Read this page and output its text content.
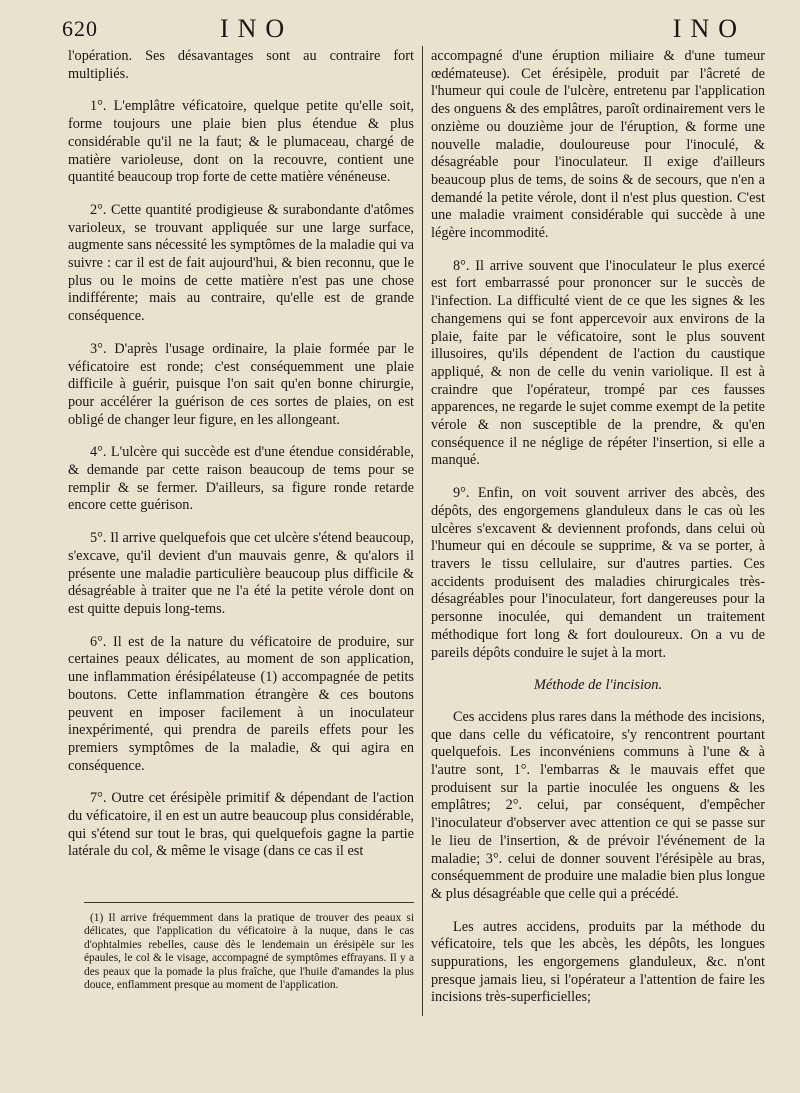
620	INO	INO

l'opération. Ses désavantages sont au contraire fort multipliés.

1°. L'emplâtre véficatoire, quelque petite qu'elle soit, forme toujours une plaie bien plus étendue & plus considérable qu'il ne la faut; & le plumaceau, chargé de matière varioleuse, dont on la recouvre, contient une quantité beaucoup trop forte de cette matière vénéneuse.

2°. Cette quantité prodigieuse & surabondante d'atômes varioleux, se trouvant appliquée sur une large surface, augmente sans nécessité les symptômes de la maladie qui va suivre : car il est de fait aujourd'hui, & bien reconnu, que le plus ou le moins de cette matière n'est pas une chose indifférente; mais au contraire, qu'elle est de grande conséquence.

3°. D'après l'usage ordinaire, la plaie formée par le véficatoire est ronde; c'est conséquemment une plaie difficile à guérir, puisque l'on sait qu'en bonne chirurgie, pour accélérer la guérison de ces sortes de plaies, on est obligé de changer leur figure, en les allongeant.

4°. L'ulcère qui succède est d'une étendue considérable, & demande par cette raison beaucoup de tems pour se remplir & se fermer. D'ailleurs, sa figure ronde retarde encore cette guérison.

5°. Il arrive quelquefois que cet ulcère s'étend beaucoup, s'excave, qu'il devient d'un mauvais genre, & qu'alors il présente une maladie particulière beaucoup plus difficile & désagréable à traiter que ne l'a été la petite vérole dont on est quitte depuis long-tems.

6°. Il est de la nature du véficatoire de produire, sur certaines peaux délicates, au moment de son application, une inflammation érésipélateuse (1) accompagnée de petits boutons. Cette inflammation étrangère & ces boutons peuvent en imposer facilement à un inoculateur inexpérimenté, qui prendra de pareils effets pour les premiers symptômes de la maladie, & qui agira en conséquence.

7°. Outre cet érésipèle primitif & dépendant de l'action du véficatoire, il en est un autre beaucoup plus considérable, qui s'étend sur tout le bras, qui quelquefois gagne la partie latérale du col, & même le visage (dans ce cas il est

accompagné d'une éruption miliaire & d'une tumeur œdémateuse). Cet érésipèle, produit par l'âcreté de l'humeur qui coule de l'ulcère, entretenu par l'application des onguens & des emplâtres, paroît ordinairement vers le onzième ou douzième jour de l'éruption, & forme une nouvelle maladie, douloureuse pour l'inoculé, & désagréable pour l'inoculateur. Il exige d'ailleurs beaucoup plus de tems, de soins & de secours, que n'en a demandé la petite vérole, dont il n'est plus question. C'est une maladie vraiment considérable qui succède à une légère incommodité.

8°. Il arrive souvent que l'inoculateur le plus exercé est fort embarrassé pour prononcer sur le succès de l'infection. La difficulté vient de ce que les signes & les changemens qui se font appercevoir aux environs de la plaie, faite par le véficatoire, sont le plus souvent illusoires, qu'ils dépendent de l'action du caustique appliqué, & non de celle du venin variolique. Il est à craindre que l'opérateur, trompé par ces fausses apparences, ne regarde le sujet comme exempt de la petite vérole & non susceptible de la prendre, & qu'en conséquence il ne néglige de répéter l'insertion, si elle a manqué.

9°. Enfin, on voit souvent arriver des abcès, des dépôts, des engorgemens glanduleux dans le cas où les ulcères s'excavent & deviennent profonds, dans celui où l'humeur qui en découle se supprime, & va se porter, à travers le tissu cellulaire, sur d'autres parties. Ces accidents produisent des maladies chirurgicales très-désagréables pour l'inoculateur, fort dangereuses pour la personne inoculée, qui demandent un traitement méthodique fort long & fort douloureux. On a vu de pareils dépôts conduire le sujet à la mort.

Méthode de l'incision.

Ces accidens plus rares dans la méthode des incisions, que dans celle du véficatoire, s'y rencontrent pourtant quelquefois. Les inconvéniens communs à l'une & à l'autre sont, 1°. l'embarras & le mauvais effet que produisent sur la partie inoculée les onguens & les emplâtres; 2°. celui, par conséquent, d'empêcher l'inoculateur d'observer avec attention ce qui se passe sur le lieu de l'insertion, & de prévoir l'événement de la maladie; 3°. celui de donner souvent l'érésipèle au bras, conséquemment de produire une maladie bien plus longue & plus désagréable que celle qui a précédé.

Les autres accidens, produits par la méthode du véficatoire, tels que les abcès, les dépôts, les longues suppurations, les engorgemens glanduleux, &c. n'ont presque jamais lieu, si l'opérateur a l'attention de faire les incisions très-superficielles;

(1) Il arrive fréquemment dans la pratique de trouver des peaux si délicates, que l'application du véficatoire à la nuque, dans le cas d'ophtalmies rebelles, cause dès le lendemain un érésipèle sur les épaules, le col & le visage, accompagné de symptômes effrayans. Il y a des peaux que la pomade la plus fraîche, que l'huile d'amandes la plus douce, enflamment presque au moment de l'application.
